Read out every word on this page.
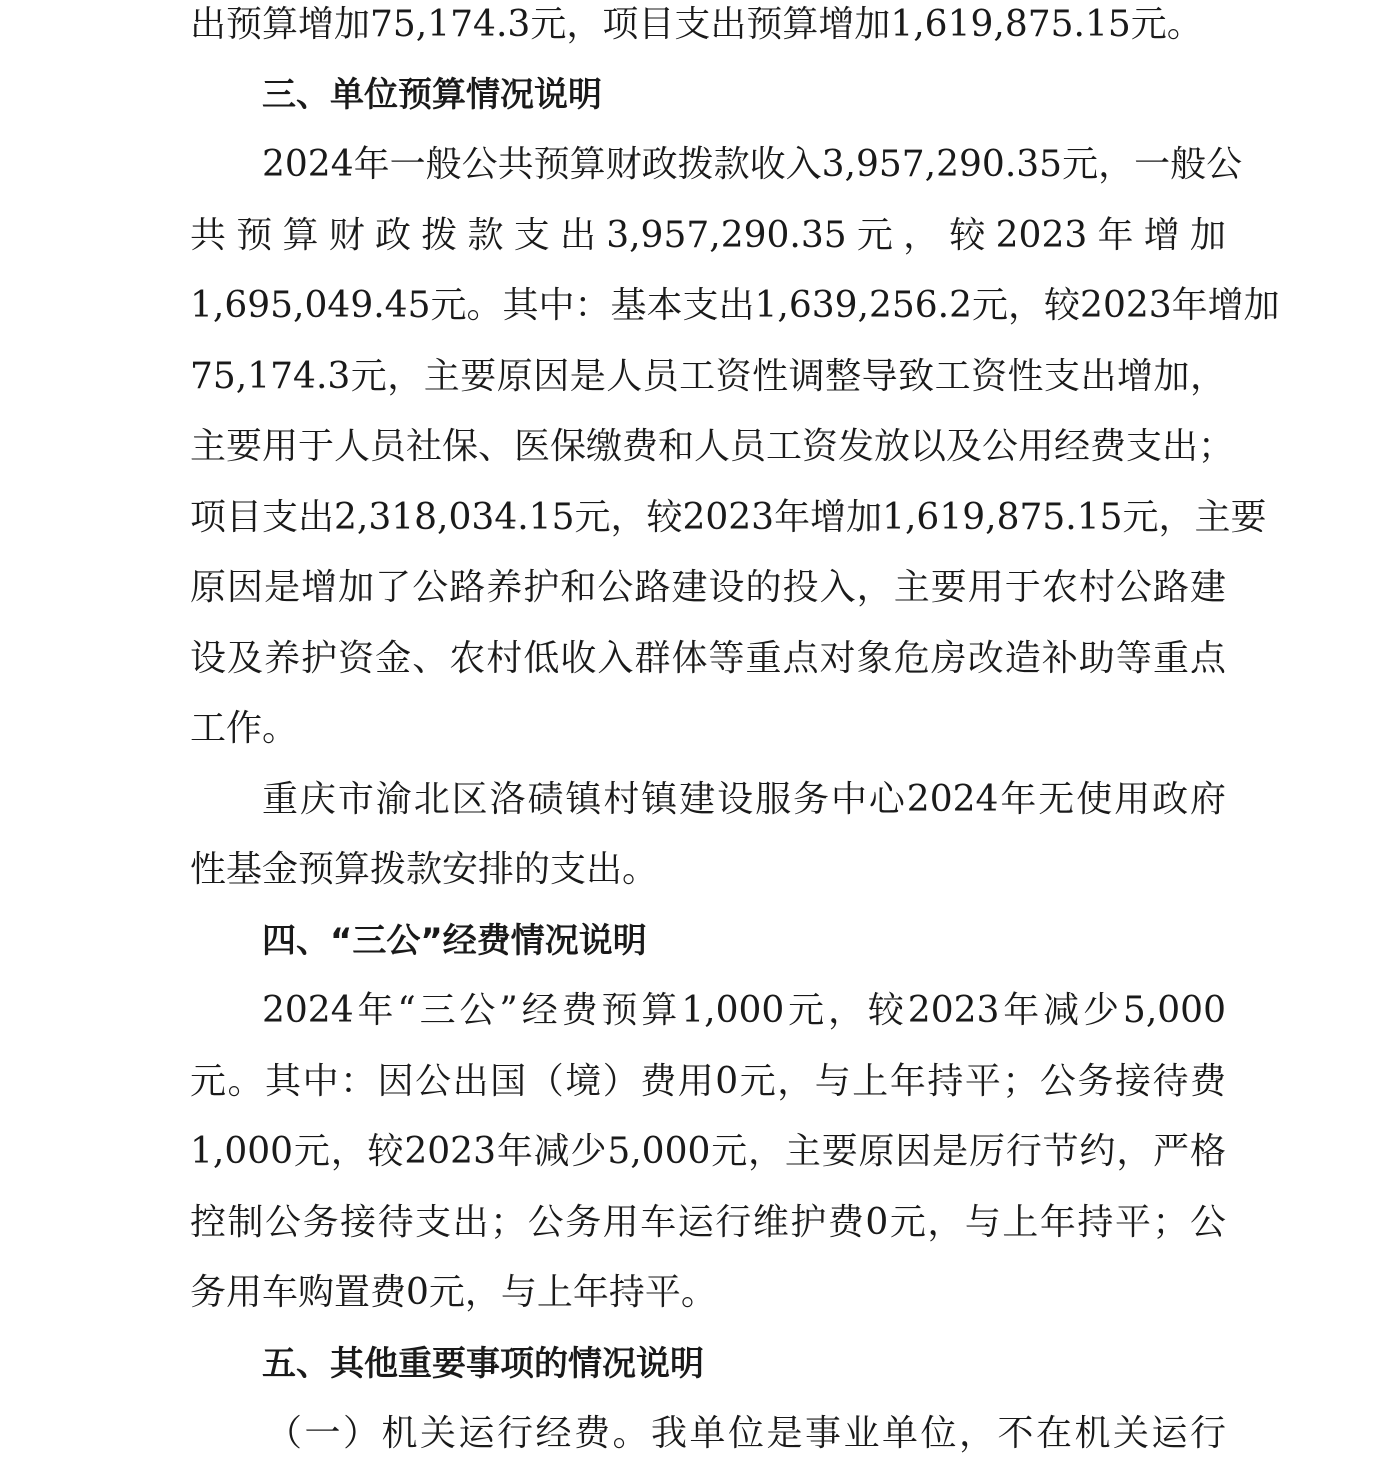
出预算增加75,174.3元，项目支出预算增加1,619,875.15元。
三、单位预算情况说明
2024年一般公共预算财政拨款收入3,957,290.35元，一般公
共预算财政拨款支出3,957,290.35元，较2023年增加
1,695,049.45元。其中：基本支出1,639,256.2元，较2023年增加
75,174.3元，主要原因是人员工资性调整导致工资性支出增加，
主要用于人员社保、医保缴费和人员工资发放以及公用经费支出；
项目支出2,318,034.15元，较2023年增加1,619,875.15元，主要
原因是增加了公路养护和公路建设的投入，主要用于农村公路建
设及养护资金、农村低收入群体等重点对象危房改造补助等重点
工作。
重庆市渝北区洛碛镇村镇建设服务中心2024年无使用政府
性基金预算拨款安排的支出。
四、“三公”经费情况说明
2024年“三公”经费预算1,000元，较2023年减少5,000
元。其中：因公出国（境）费用0元，与上年持平；公务接待费
1,000元，较2023年减少5,000元，主要原因是厉行节约，严格
控制公务接待支出；公务用车运行维护费0元，与上年持平；公
务用车购置费0元，与上年持平。
五、其他重要事项的情况说明
（一）机关运行经费。我单位是事业单位，不在机关运行
